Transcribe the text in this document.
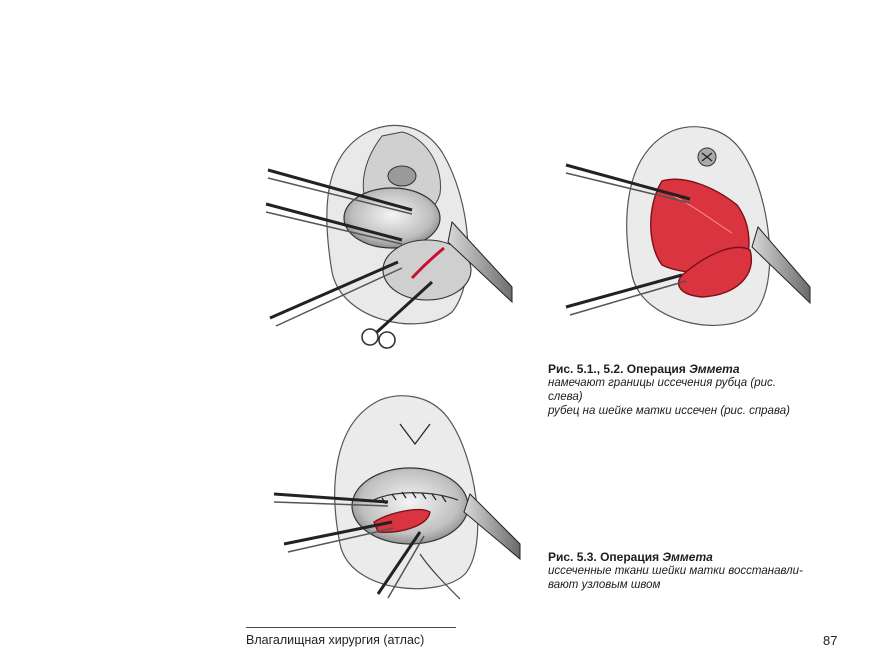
Рис. 5.1., 5.2. Операция Эммета
намечают границы иссечения рубца (рис.
слева)
рубец на шейке матки иссечен (рис. справа)
Рис. 5.3. Операция Эммета
иссеченные ткани шейки матки восстанавли-
вают узловым швом
Влагалищная хирургия (атлас)	87
